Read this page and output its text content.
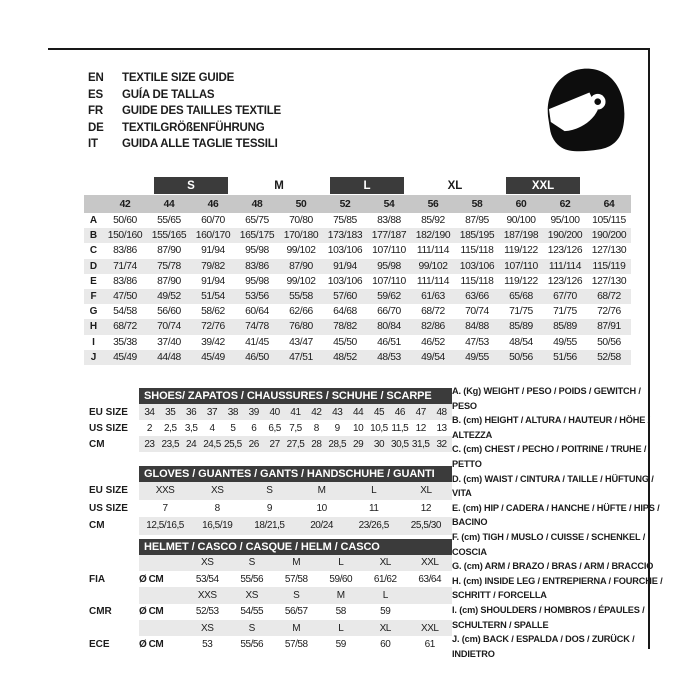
EN	TEXTILE SIZE GUIDE
ES	GUÍA DE TALLAS
FR	GUIDE DES TAILLES TEXTILE
DE	TEXTILGRÖßENFÜHRUNG
IT	GUIDA ALLE TAGLIE TESSILI
S	M	L	XL	XXL
42	44	46	48	50	52	54	56	58	60	62	64
A	50/60	55/65	60/70	65/75	70/80	75/85	83/88	85/92	87/95	90/100	95/100	105/115
B	150/160 155/165 160/170 165/175 170/180 173/183 177/187 182/190 185/195 187/198 190/200 190/200
C	83/86	87/90	91/94	95/98	99/102	103/106 107/110	111/114	115/118	119/122 123/126 127/130
D	71/74	75/78	79/82	83/86	87/90	91/94	95/98	99/102	103/106 107/110	111/114	115/119
E	83/86	87/90	91/94	95/98	99/102	103/106 107/110	111/114	115/118	119/122 123/126 127/130
F	47/50	49/52	51/54	53/56	55/58	57/60	59/62	61/63	63/66	65/68	67/70	68/72
G	54/58	56/60	58/62	60/64	62/66	64/68	66/70	68/72	70/74	71/75	71/75	72/76
H	68/72	70/74	72/76	74/78	76/80	78/82	80/84	82/86	84/88	85/89	85/89	87/91
I	35/38	37/40	39/42	41/45	43/47	45/50	46/51	46/52	47/53	48/54	49/55	50/56
J	45/49	44/48	45/49	46/50	47/51	48/52	48/53	49/54	49/55	50/56	51/56	52/58
SHOES/ ZAPATOS / CHAUSSURES / SCHUHE / SCARPE
EU SIZE	34	35	36	37	38	39	40	41	42	43	44	45	46	47	48
US SIZE	2	2,5 3,5	4	5	6	6,5 7,5	8	9	10 10,5 11,5 12	13
CM	23 23,5 24 24,5 25,5 26	27 27,5 28 28,5 29	30 30,5 31,5 32
GLOVES / GUANTES / GANTS / HANDSCHUHE / GUANTI
EU SIZE	XXS	XS	S	M	L	XL
US SIZE	7	8	9	10	11	12
CM	12,5/16,5	16,5/19	18/21,5	20/24	23/26,5	25,5/30
HELMET / CASCO / CASQUE / HELM / CASCO
XS	S	M	L	XL	XXL
FIA	Ø CM	53/54	55/56	57/58	59/60	61/62	63/64
XXS	XS	S	M	L
CMR	Ø CM	52/53	54/55	56/57	58	59
XS	S	M	L	XL	XXL
ECE	Ø CM	53	55/56	57/58	59	60	61
A. (Kg) WEIGHT / PESO / POIDS / GEWITCH / PESO
B. (cm) HEIGHT / ALTURA / HAUTEUR / HÖHE / ALTEZZA
C. (cm) CHEST / PECHO / POITRINE / TRUHE / PETTO
D. (cm) WAIST / CINTURA / TAILLE / HÜFTUNG / VITA
E. (cm) HIP / CADERA / HANCHE / HÜFTE / HIPS / BACINO
F. (cm) TIGH / MUSLO / CUISSE / SCHENKEL / COSCIA
G. (cm) ARM / BRAZO / BRAS / ARM / BRACCIO
H. (cm) INSIDE LEG / ENTREPIERNA / FOURCHE / SCHRITT / FORCELLA
I. (cm) SHOULDERS / HOMBROS / ÉPAULES / SCHULTERN / SPALLE
J. (cm) BACK / ESPALDA / DOS / ZURÜCK / INDIETRO
